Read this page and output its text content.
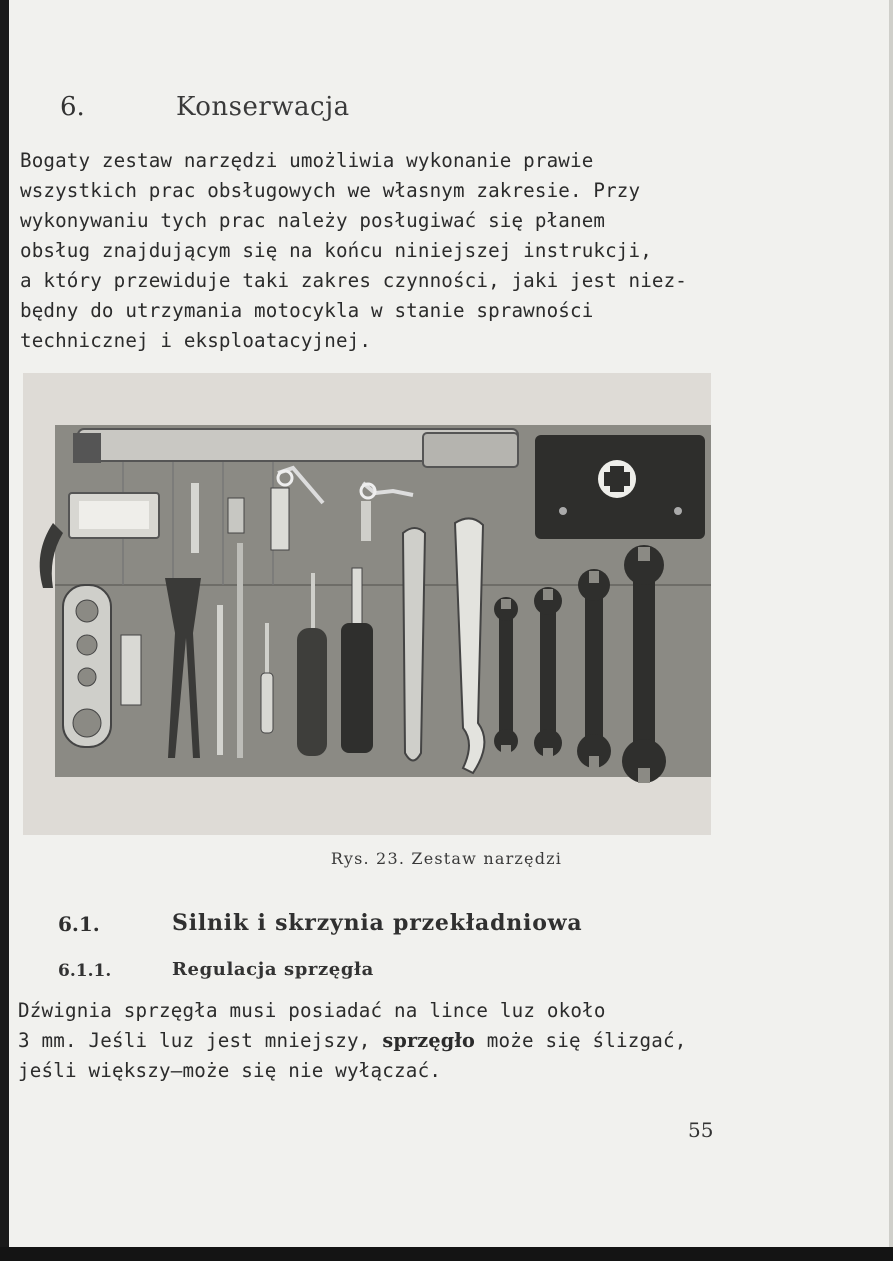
6.	Konserwacja
Bogaty zestaw narzędzi umożliwia wykonanie prawie
wszystkich prac obsługowych we własnym zakresie. Przy
wykonywaniu tych prac należy posługiwać się płanem
obsług znajdującym się na końcu niniejszej instrukcji,
a który przewiduje taki zakres czynności, jaki jest niez-
będny do utrzymania motocykla w stanie sprawności
technicznej i eksploatacyjnej.
Rys. 23. Zestaw narzędzi
6.1.	Silnik i skrzynia przekładniowa
6.1.1.	Regulacja sprzęgła
Dźwignia sprzęgła musi posiadać na lince luz około
3 mm. Jeśli luz jest mniejszy, sprzęgło może się ślizgać,
jeśli większy—może się nie wyłączać.
55
